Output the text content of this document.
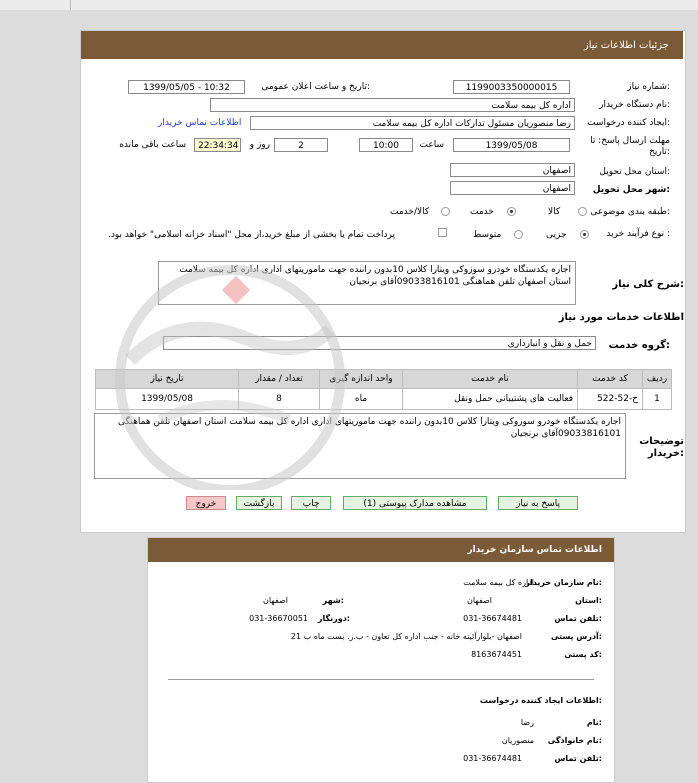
جزئیات اطلاعات نیاز
شماره نیاز:
1199003350000015
تاریخ و ساعت اعلان عمومی:
1399/05/05 - 10:32
نام دستگاه خریدار:
اداره کل بیمه سلامت
ایجاد کننده درخواست:
رضا منصوریان مسئول تدارکات اداره کل بیمه سلامت
اطلاعات تماس خریدار
مهلت ارسال پاسخ: تا تاریخ:
1399/05/08
ساعت
10:00
2
روز و
22:34:34
ساعت باقی مانده
استان محل تحویل:
اصفهان
شهر محل تحویل:
اصفهان
طبقه بندی موضوعی:
کالا
خدمت
کالا/خدمت
نوع فرآیند خرید :
جزیی
متوسط
پرداخت تمام یا بخشی از مبلغ خرید،از محل "اسناد خزانه اسلامی" خواهد بود.
شرح کلی نیاز:
اجاره یکدستگاه خودرو سوزوکی ویتارا کلاس 10بدون راننده جهت ماموریتهای اداری اداره کل بیمه سلامت استان اصفهان تلفن هماهنگی 09033816101آقای برنجیان
اطلاعات خدمات مورد نیاز
گروه خدمت:
حمل و نقل و انبارداری
ردیف	کد خدمت	نام خدمت	واحد اندازه گیری	تعداد / مقدار	تاریخ نیاز
1	ح-52-522	فعالیت های پشتیبانی حمل ونقل	ماه	8	1399/05/08
توضیحات خریدار:
اجاره یکدستگاه خودرو سوزوکی ویتارا کلاس 10بدون راننده جهت ماموریتهای اداری اداره کل بیمه سلامت استان اصفهان تلفن هماهنگی 09033816101آقای برنجیان
پاسخ به نیاز
مشاهده مدارک پیوستی (1)
چاپ
بازگشت
خروج
اطلاعات تماس سازمان خریدار
نام سازمان خریدار:
اداره کل بیمه سلامت
استان:
اصفهان
شهر:
اصفهان
تلفن تماس:
031-36674481
دورنگار:
031-36670051
آدرس پستی:
اصفهان -بلوارآئینه خانه - جنب اداره کل تعاون - ب.ر. بست ماه ب 21
کد پستی:
8163674451
اطلاعات ایجاد کننده درخواست:
نام:
رضا
نام خانوادگی:
منصوریان
تلفن تماس:
031-36674481
